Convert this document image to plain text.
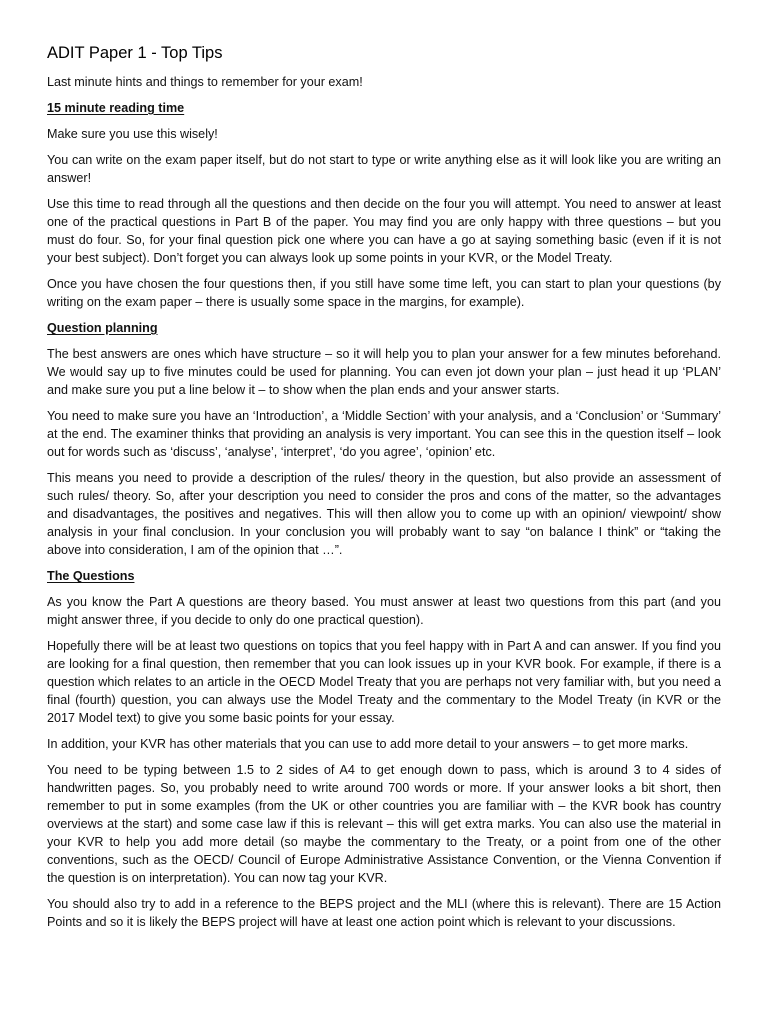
ADIT Paper 1 - Top Tips

Last minute hints and things to remember for your exam!

15 minute reading time

Make sure you use this wisely!

You can write on the exam paper itself, but do not start to type or write anything else as it will look like you are writing an answer!

Use this time to read through all the questions and then decide on the four you will attempt. You need to answer at least one of the practical questions in Part B of the paper. You may find you are only happy with three questions – but you must do four. So, for your final question pick one where you can have a go at saying something basic (even if it is not your best subject). Don’t forget you can always look up some points in your KVR, or the Model Treaty.

Once you have chosen the four questions then, if you still have some time left, you can start to plan your questions (by writing on the exam paper – there is usually some space in the margins, for example).

Question planning

The best answers are ones which have structure – so it will help you to plan your answer for a few minutes beforehand. We would say up to five minutes could be used for planning. You can even jot down your plan – just head it up ‘PLAN’ and make sure you put a line below it – to show when the plan ends and your answer starts.

You need to make sure you have an ‘Introduction’, a ‘Middle Section’ with your analysis, and a ‘Conclusion’ or ‘Summary’ at the end. The examiner thinks that providing an analysis is very important. You can see this in the question itself – look out for words such as ‘discuss’, ‘analyse’, ‘interpret’, ‘do you agree’, ‘opinion’ etc.

This means you need to provide a description of the rules/ theory in the question, but also provide an assessment of such rules/ theory. So, after your description you need to consider the pros and cons of the matter, so the advantages and disadvantages, the positives and negatives. This will then allow you to come up with an opinion/ viewpoint/ show analysis in your final conclusion. In your conclusion you will probably want to say “on balance I think” or “taking the above into consideration, I am of the opinion that …”.

The Questions

As you know the Part A questions are theory based. You must answer at least two questions from this part (and you might answer three, if you decide to only do one practical question).

Hopefully there will be at least two questions on topics that you feel happy with in Part A and can answer. If you find you are looking for a final question, then remember that you can look issues up in your KVR book. For example, if there is a question which relates to an article in the OECD Model Treaty that you are perhaps not very familiar with, but you need a final (fourth) question, you can always use the Model Treaty and the commentary to the Model Treaty (in KVR or the 2017 Model text) to give you some basic points for your essay.

In addition, your KVR has other materials that you can use to add more detail to your answers – to get more marks.

You need to be typing between 1.5 to 2 sides of A4 to get enough down to pass, which is around 3 to 4 sides of handwritten pages. So, you probably need to write around 700 words or more. If your answer looks a bit short, then remember to put in some examples (from the UK or other countries you are familiar with – the KVR book has country overviews at the start) and some case law if this is relevant – this will get extra marks. You can also use the material in your KVR to help you add more detail (so maybe the commentary to the Treaty, or a point from one of the other conventions, such as the OECD/ Council of Europe Administrative Assistance Convention, or the Vienna Convention if the question is on interpretation). You can now tag your KVR.

You should also try to add in a reference to the BEPS project and the MLI (where this is relevant). There are 15 Action Points and so it is likely the BEPS project will have at least one action point which is relevant to your discussions.
